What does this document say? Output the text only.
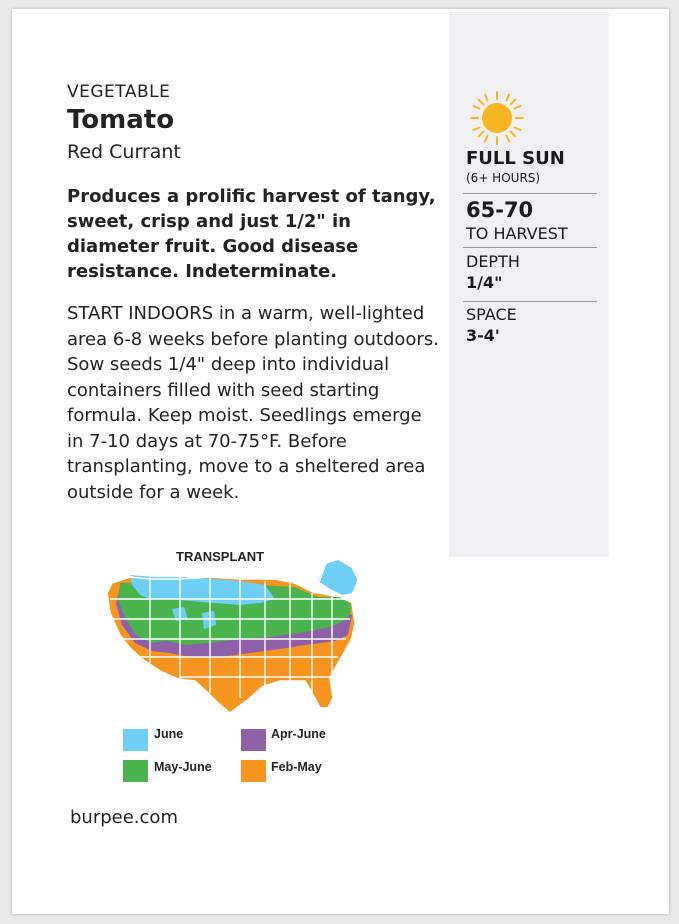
FULL SUN
(6+ HOURS)
65-70
TO HARVEST
DEPTH
1/4"
SPACE
3-4'
VEGETABLE
Tomato
Red Currant
Produces a prolific harvest of tangy, sweet, crisp and just 1/2" in diameter fruit. Good disease resistance. Indeterminate.
START INDOORS in a warm, well-lighted area 6-8 weeks before planting outdoors. Sow seeds 1/4" deep into individual containers filled with seed starting formula. Keep moist. Seedlings emerge in 7-10 days at 70-75°F. Before transplanting, move to a sheltered area outside for a week.
TRANSPLANT
June	Apr-June
May-June	Feb-May
burpee.com
